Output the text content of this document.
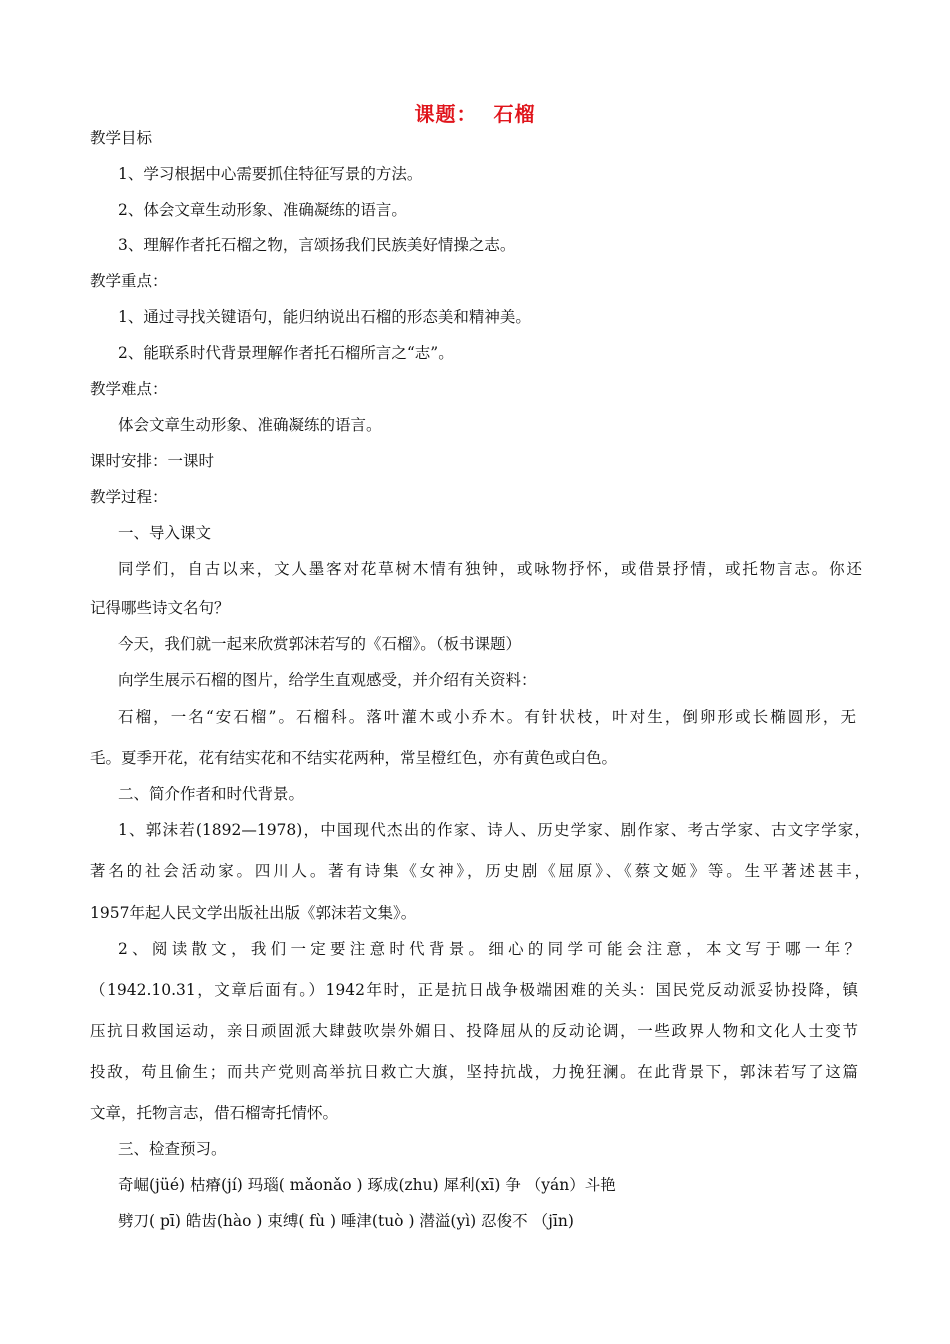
课题：  石榴
教学目标
1、学习根据中心需要抓住特征写景的方法。
2、体会文章生动形象、准确凝练的语言。
3、理解作者托石榴之物，言颂扬我们民族美好情操之志。
教学重点：
1、通过寻找关键语句，能归纳说出石榴的形态美和精神美。
2、能联系时代背景理解作者托石榴所言之“志”。
教学难点：
体会文章生动形象、准确凝练的语言。
课时安排：一课时
教学过程：
一、导入课文
同学们，自古以来，文人墨客对花草树木情有独钟，或咏物抒怀，或借景抒情，或托物言志。你还
记得哪些诗文名句？
今天，我们就一起来欣赏郭沫若写的《石榴》。（板书课题）
向学生展示石榴的图片，给学生直观感受，并介绍有关资料：
石榴，一名“安石榴”。石榴科。落叶灌木或小乔木。有针状枝，叶对生，倒卵形或长椭圆形，无
毛。夏季开花，花有结实花和不结实花两种，常呈橙红色，亦有黄色或白色。
二、简介作者和时代背景。
1、郭沫若(1892—1978)，中国现代杰出的作家、诗人、历史学家、剧作家、考古学家、古文字学家，
著名的社会活动家。四川人。著有诗集《女神》，历史剧《屈原》、《蔡文姬》等。生平著述甚丰，
1957年起人民文学出版社出版《郭沫若文集》。
2、阅读散文，我们一定要注意时代背景。细心的同学可能会注意，本文写于哪一年？
（1942.10.31，文章后面有。）1942年时，正是抗日战争极端困难的关头：国民党反动派妥协投降，镇
压抗日救国运动，亲日顽固派大肆鼓吹崇外媚日、投降屈从的反动论调，一些政界人物和文化人士变节
投敌，苟且偷生；而共产党则高举抗日救亡大旗，坚持抗战，力挽狂澜。在此背景下，郭沫若写了这篇
文章，托物言志，借石榴寄托情怀。
三、检查预习。
奇崛(jüé) 枯瘠(jí) 玛瑙( mǎonǎo ) 琢成(zhu) 犀利(xī) 争 （yán）斗艳
劈刀( pī) 皓齿(hào ) 束缚( fù ) 唾津(tuò ) 潜溢(yì) 忍俊不 （jīn)
